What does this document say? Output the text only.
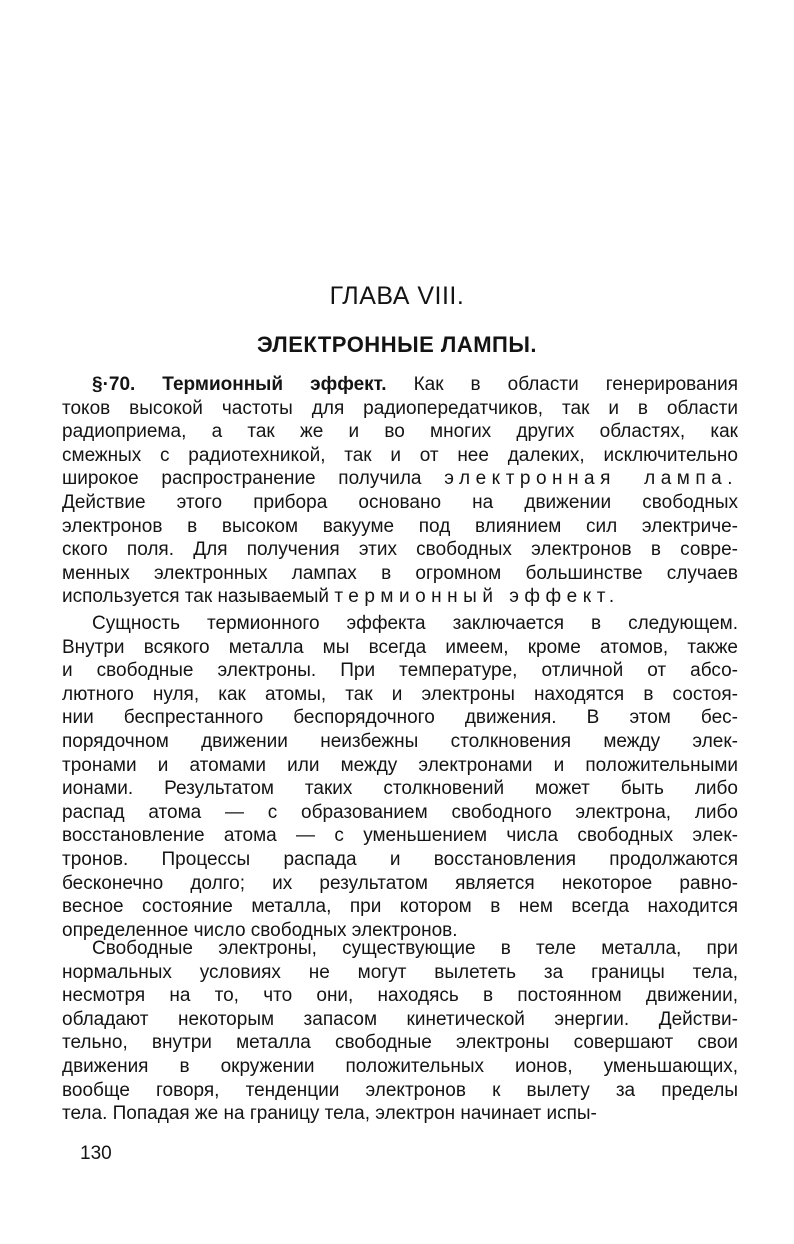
ГЛАВА VIII.
ЭЛЕКТРОННЫЕ ЛАМПЫ.
§·70. Термионный эффект. Как в области генерирования
токов высокой частоты для радиопередатчиков, так и в области
радиоприема, а так же и во многих других областях, как
смежных с радиотехникой, так и от нее далеких, исключительно
широкое распространение получила электронная лампа.
Действие этого прибора основано на движении свободных
электронов в высоком вакууме под влиянием сил электриче-
ского поля. Для получения этих свободных электронов в совре-
менных электронных лампах в огромном большинстве случаев
используется так называемый термионный эффект.
Сущность термионного эффекта заключается в следующем.
Внутри всякого металла мы всегда имеем, кроме атомов, также
и свободные электроны. При температуре, отличной от абсо-
лютного нуля, как атомы, так и электроны находятся в состоя-
нии беспрестанного беспорядочного движения. В этом бес-
порядочном движении неизбежны столкновения между элек-
тронами и атомами или между электронами и положительными
ионами. Результатом таких столкновений может быть либо
распад атома — с образованием свободного электрона, либо
восстановление атома — с уменьшением числа свободных элек-
тронов. Процессы распада и восстановления продолжаются
бесконечно долго; их результатом является некоторое равно-
весное состояние металла, при котором в нем всегда находится
определенное число свободных электронов.
Свободные электроны, существующие в теле металла, при
нормальных условиях не могут вылететь за границы тела,
несмотря на то, что они, находясь в постоянном движении,
обладают некоторым запасом кинетической энергии. Действи-
тельно, внутри металла свободные электроны совершают свои
движения в окружении положительных ионов, уменьшающих,
вообще говоря, тенденции электронов к вылету за пределы
тела. Попадая же на границу тела, электрон начинает испы-
130
